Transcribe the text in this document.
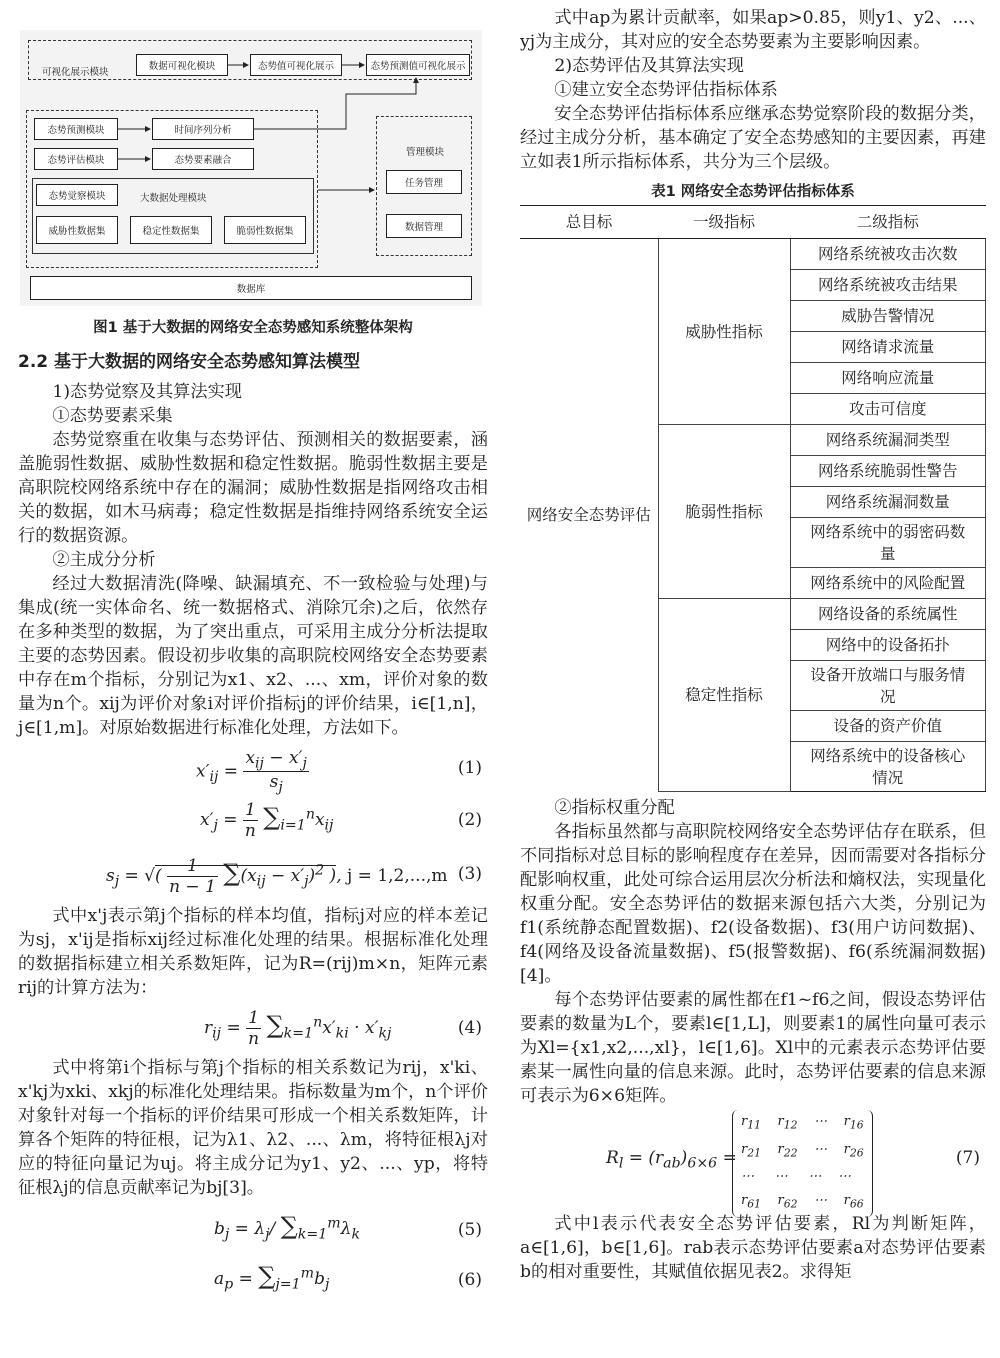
可视化展示模块
数据可视化模块	态势值可视化展示	态势预测值可视化展示
态势预测模块	时间序列分析
态势评估模块	态势要素融合
态势觉察模块	大数据处理模块
威胁性数据集	稳定性数据集	脆弱性数据集
管理模块
任务管理
数据管理
数据库
图1 基于大数据的网络安全态势感知系统整体架构
2.2 基于大数据的网络安全态势感知算法模型

1)态势觉察及其算法实现

①态势要素采集

态势觉察重在收集与态势评估、预测相关的数据要素，涵盖脆弱性数据、威胁性数据和稳定性数据。脆弱性数据主要是高职院校网络系统中存在的漏洞；威胁性数据是指网络攻击相关的数据，如木马病毒；稳定性数据是指维持网络系统安全运行的数据资源。

②主成分分析

经过大数据清洗(降噪、缺漏填充、不一致检验与处理)与集成(统一实体命名、统一数据格式、消除冗余)之后，依然存在多种类型的数据，为了突出重点，可采用主成分分析法提取主要的态势因素。假设初步收集的高职院校网络安全态势要素中存在m个指标，分别记为x1、x2、...、xm，评价对象的数量为n个。xij为评价对象i对评价指标j的评价结果，i∈[1,n]，j∈[1,m]。对原始数据进行标准化处理，方法如下。

$x'_{ij} = \frac{x_{ij} - x'_j}{s_j}$	(1)
$x'_j = \frac{1}{n} \sum_{i=1}^nx_{ij}$	(2)
$s_j$ = √( $\frac{1}{n - 1} \sum(x_{ij} - x'_j)^2$ ), j = 1,2,...,m (3)

式中x'j表示第j个指标的样本均值，指标j对应的样本差记为sj，x'ij是指标xij经过标准化处理的结果。根据标准化处理的数据指标建立相关系数矩阵，记为R=(rij)m×n，矩阵元素rij的计算方法为：

$r_{ij} = \frac{1}{n} \sum_{k=1}^nx'_{ki} \cdot x'_{kj}$	(4)

式中将第i个指标与第j个指标的相关系数记为rij，x'ki、x'kj为xki、xkj的标准化处理结果。指标数量为m个，n个评价对象针对每一个指标的评价结果可形成一个相关系数矩阵，计算各个矩阵的特征根，记为λ1、λ2、...、λm，将特征根λj对应的特征向量记为uj。将主成分记为y1、y2、...、yp，将特征根λj的信息贡献率记为bj[3]。

$b_j = \lambda_j/$ $\sum_{k=1}^m\lambda_k$	(5)
$a_p = \sum_{j=1}^mb_j$	(6)

式中ap为累计贡献率，如果ap>0.85，则y1、y2、...、yj为主成分，其对应的安全态势要素为主要影响因素。

2)态势评估及其算法实现

①建立安全态势评估指标体系

安全态势评估指标体系应继承态势觉察阶段的数据分类，经过主成分分析，基本确定了安全态势感知的主要因素，再建立如表1所示指标体系，共分为三个层级。

表1 网络安全态势评估指标体系
总目标	一级指标	二级指标
网络安全态势评估	威胁性指标	网络系统被攻击次数
		网络系统被攻击结果
		威胁告警情况
		网络请求流量
		网络响应流量
		攻击可信度
	脆弱性指标	网络系统漏洞类型
		网络系统脆弱性警告
		网络系统漏洞数量
		网络系统中的弱密码数量
		网络系统中的风险配置
	稳定性指标	网络设备的系统属性
		网络中的设备拓扑
		设备开放端口与服务情况
		设备的资产价值
		网络系统中的设备核心情况

②指标权重分配

各指标虽然都与高职院校网络安全态势评估存在联系，但不同指标对总目标的影响程度存在差异，因而需要对各指标分配影响权重，此处可综合运用层次分析法和熵权法，实现量化权重分配。安全态势评估的数据来源包括六大类，分别记为f1(系统静态配置数据)、f2(设备数据)、f3(用户访问数据)、f4(网络及设备流量数据)、f5(报警数据)、f6(系统漏洞数据)[4]。

每个态势评估要素的属性都在f1~f6之间，假设态势评估要素的数量为L个，要素l∈[1,L]，则要素1的属性向量可表示为Xl={x1,x2,...,xl}，l∈[1,6]。Xl中的元素表示态势评估要素某一属性向量的信息来源。此时，态势评估要素的信息来源可表示为6×6矩阵。

$R_l = (r_{ab})_{6\times 6}$ =
$r_{11}$    $r_{12}$    ⋯    $r_{16}$
$r_{21}$    $r_{22}$    ⋯    $r_{26}$
⋯     ⋯     ⋯    ⋯
$r_{61}$    $r_{62}$    ⋯    $r_{66}$
(7)

式中l表示代表安全态势评估要素，Rl为判断矩阵，a∈[1,6]，b∈[1,6]。rab表示态势评估要素a对态势评估要素b的相对重要性，其赋值依据见表2。求得矩
